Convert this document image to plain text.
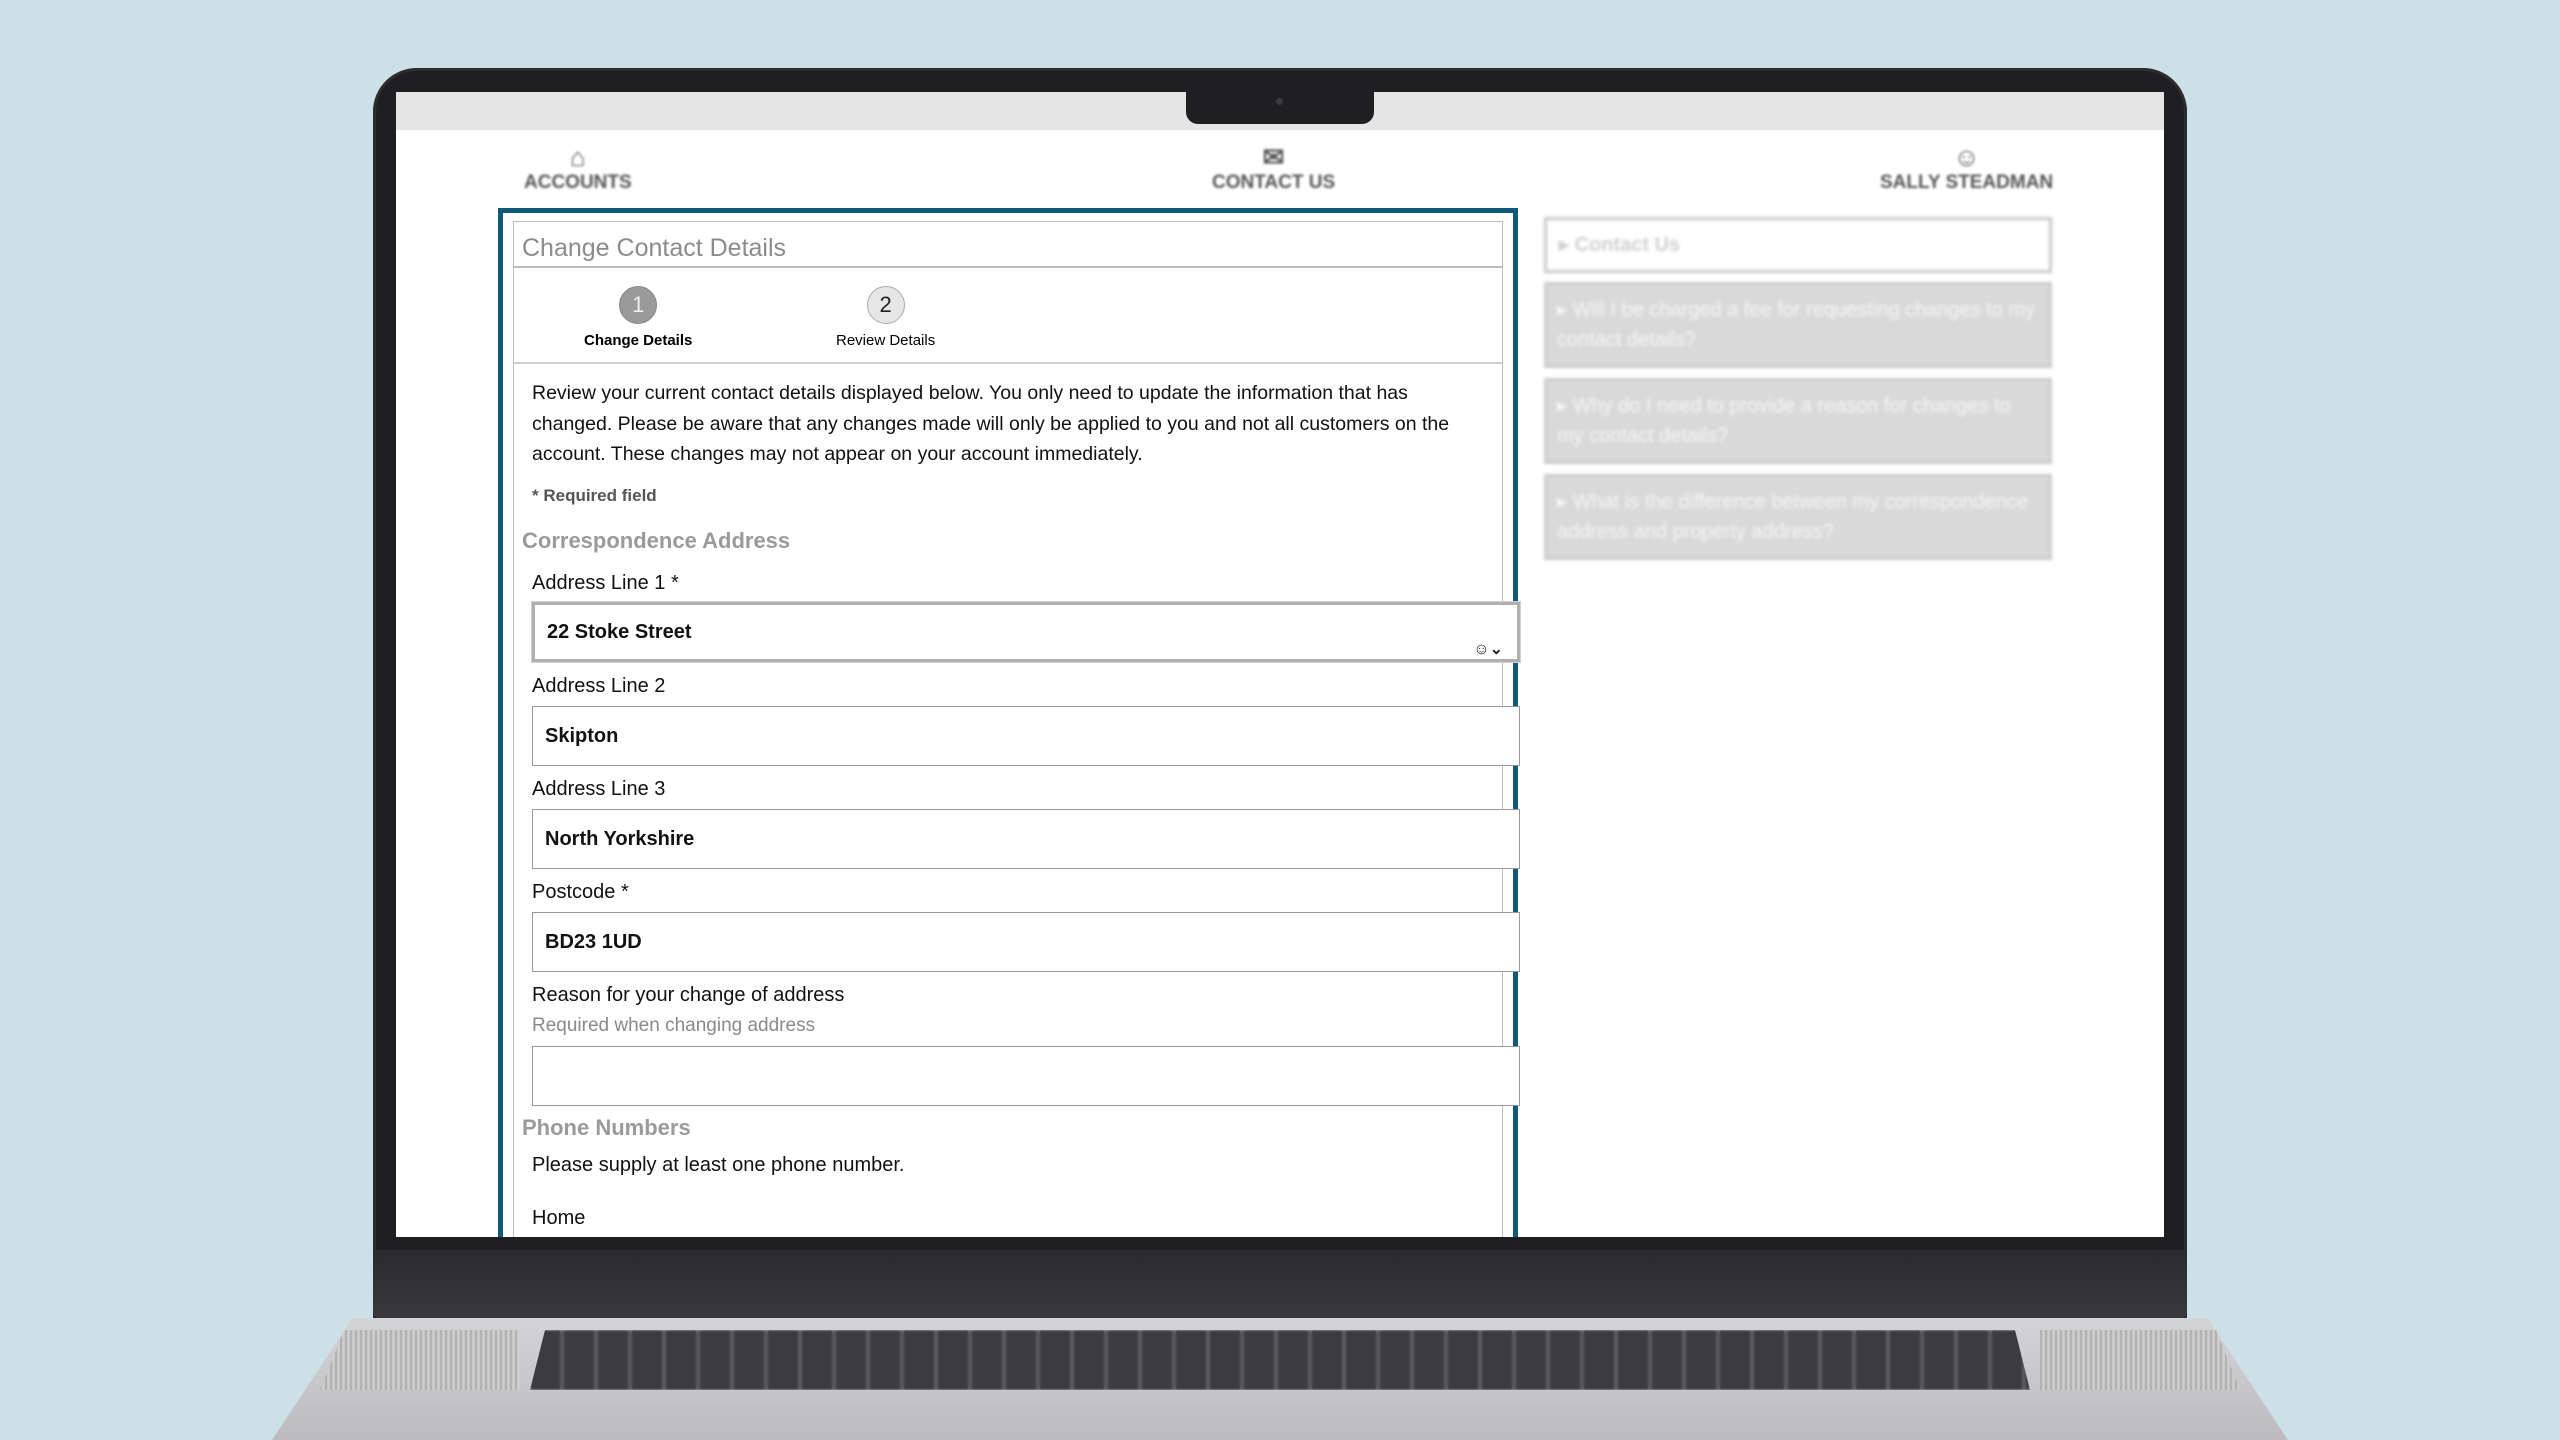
⌂
ACCOUNTS
✉
CONTACT US
☺
SALLY STEADMAN
Change Contact Details
1
Change Details
2
Review Details
Review your current contact details displayed below. You only need to update the information that has changed. Please be aware that any changes made will only be applied to you and not all customers on the account. These changes may not appear on your account immediately.
* Required field
Correspondence Address
Address Line 1 *
22 Stoke Street
☺⌄
Address Line 2
Skipton
Address Line 3
North Yorkshire
Postcode *
BD23 1UD
Reason for your change of address
Required when changing address
Phone Numbers
Please supply at least one phone number.
Home
▸ Contact Us
▸ Will I be charged a fee for requesting changes to my contact details?
▸ Why do I need to provide a reason for changes to my contact details?
▸ What is the difference between my correspondence address and property address?
